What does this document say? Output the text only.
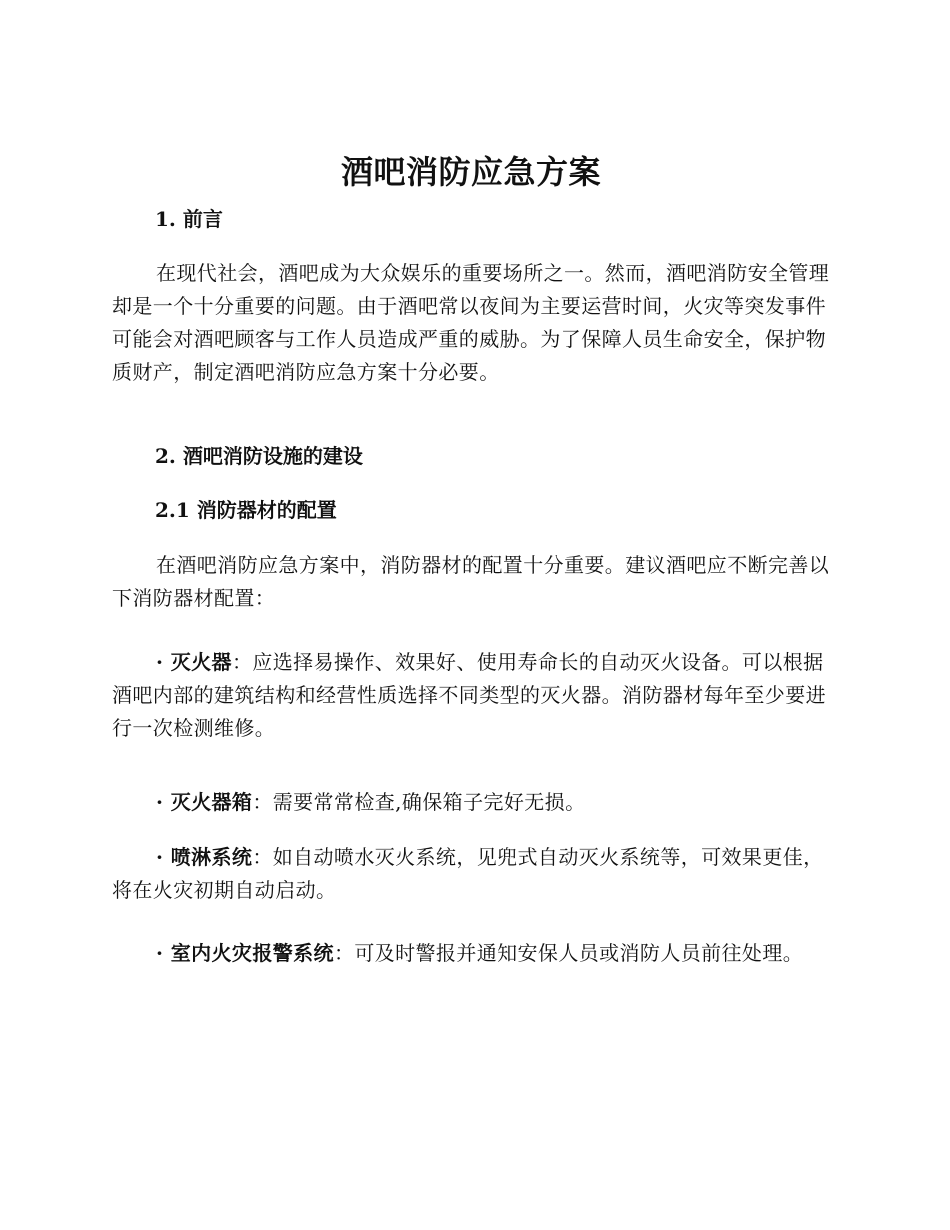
酒吧消防应急方案

1. 前言

在现代社会，酒吧成为大众娱乐的重要场所之一。然而，酒吧消防安全管理却是一个十分重要的问题。由于酒吧常以夜间为主要运营时间，火灾等突发事件可能会对酒吧顾客与工作人员造成严重的威胁。为了保障人员生命安全，保护物质财产，制定酒吧消防应急方案十分必要。

2. 酒吧消防设施的建设

2.1 消防器材的配置

在酒吧消防应急方案中，消防器材的配置十分重要。建议酒吧应不断完善以下消防器材配置：

· 灭火器：应选择易操作、效果好、使用寿命长的自动灭火设备。可以根据酒吧内部的建筑结构和经营性质选择不同类型的灭火器。消防器材每年至少要进行一次检测维修。

· 灭火器箱：需要常常检查,确保箱子完好无损。

· 喷淋系统：如自动喷水灭火系统，见兜式自动灭火系统等，可效果更佳，将在火灾初期自动启动。

· 室内火灾报警系统：可及时警报并通知安保人员或消防人员前往处理。
